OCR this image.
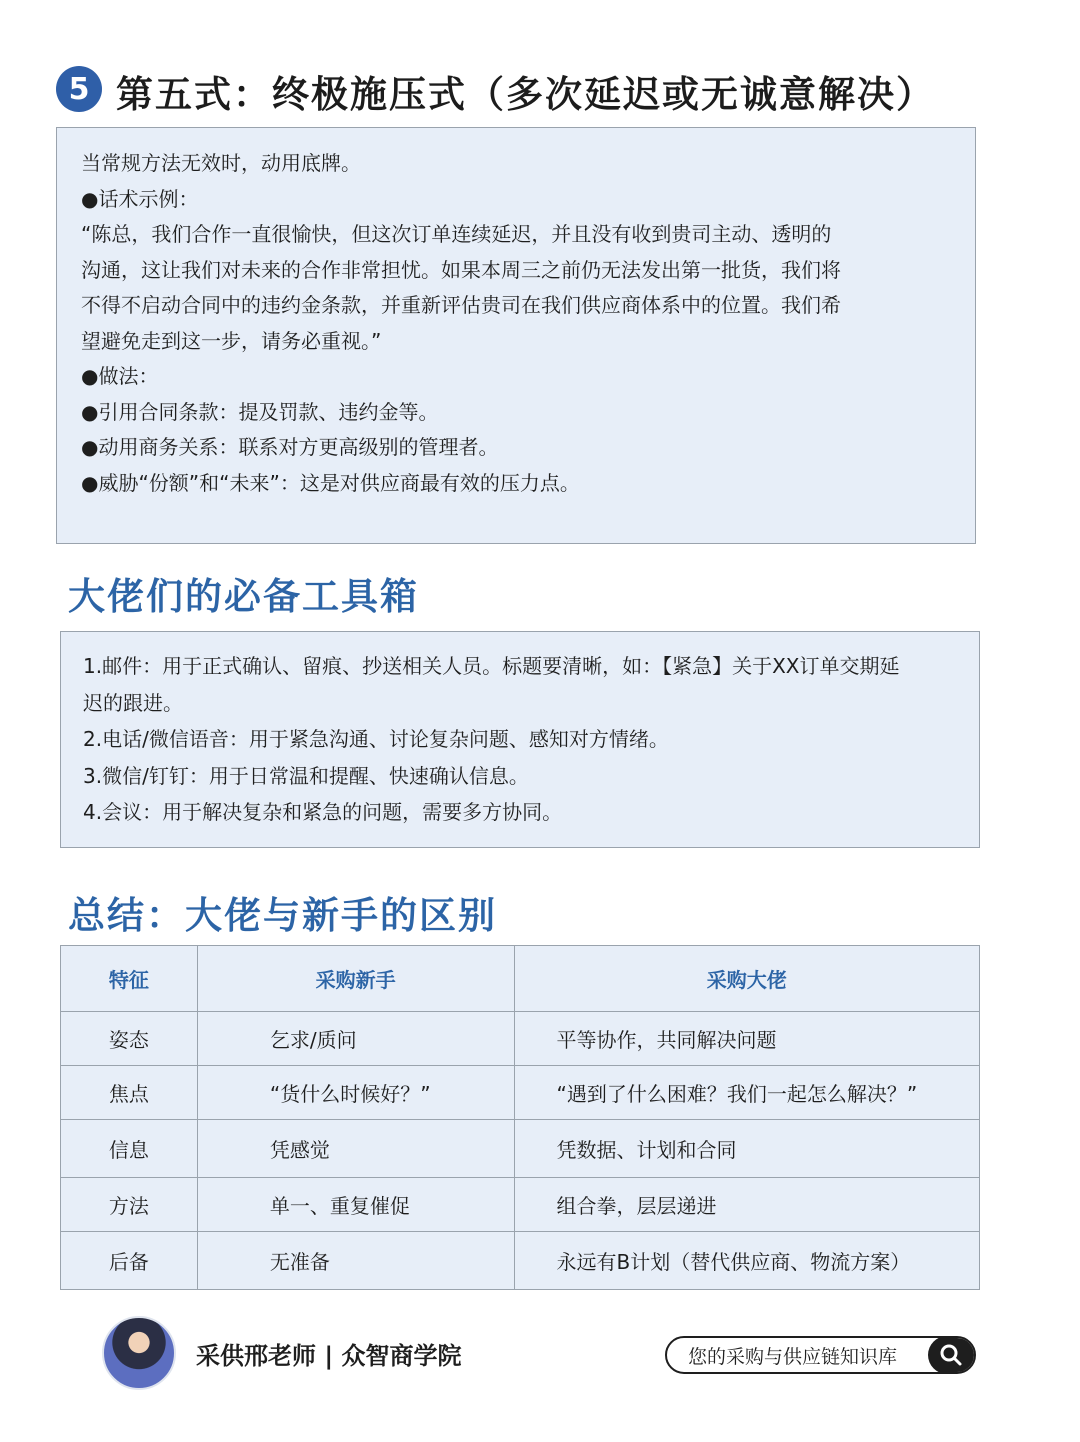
5 第五式：终极施压式（多次延迟或无诚意解决）

当常规方法无效时，动用底牌。

●话术示例：

“陈总，我们合作一直很愉快，但这次订单连续延迟，并且没有收到贵司主动、透明的

沟通，这让我们对未来的合作非常担忧。如果本周三之前仍无法发出第一批货，我们将

不得不启动合同中的违约金条款，并重新评估贵司在我们供应商体系中的位置。我们希

望避免走到这一步，请务必重视。”

●做法：

●引用合同条款：提及罚款、违约金等。

●动用商务关系：联系对方更高级别的管理者。

●威胁“份额”和“未来”：这是对供应商最有效的压力点。

大佬们的必备工具箱

1.邮件：用于正式确认、留痕、抄送相关人员。标题要清晰，如：【紧急】关于XX订单交期延

迟的跟进。

2.电话/微信语音：用于紧急沟通、讨论复杂问题、感知对方情绪。

3.微信/钉钉：用于日常温和提醒、快速确认信息。

4.会议：用于解决复杂和紧急的问题，需要多方协同。

总结：大佬与新手的区别
特征	采购新手	采购大佬
姿态	乞求/质问	平等协作，共同解决问题
焦点	“货什么时候好？”	“遇到了什么困难？我们一起怎么解决？”
信息	凭感觉	凭数据、计划和合同
方法	单一、重复催促	组合拳，层层递进
后备	无准备	永远有B计划（替代供应商、物流方案）
采供邢老师 | 众智商学院	您的采购与供应链知识库
